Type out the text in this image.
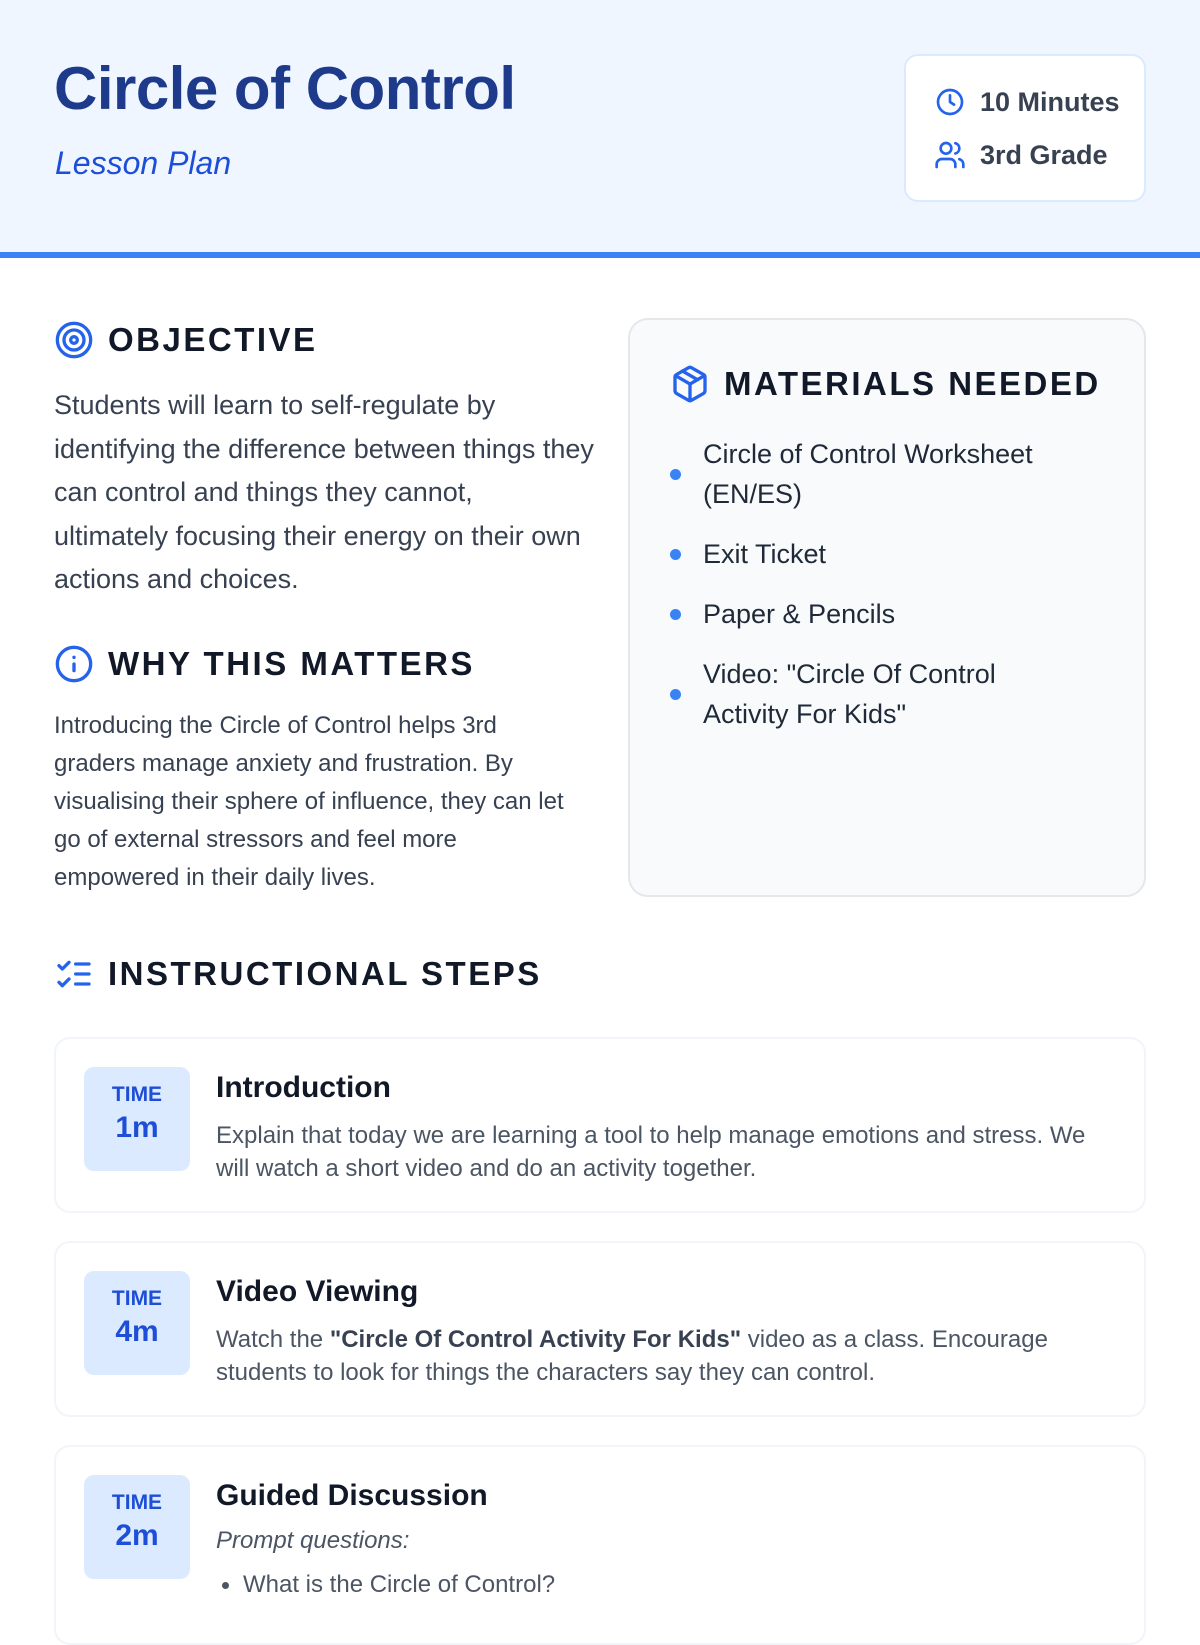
Circle of Control
Lesson Plan
10 Minutes
3rd Grade
OBJECTIVE
Students will learn to self-regulate by identifying the difference between things they can control and things they cannot, ultimately focusing their energy on their own actions and choices.
WHY THIS MATTERS
Introducing the Circle of Control helps 3rd graders manage anxiety and frustration. By visualising their sphere of influence, they can let go of external stressors and feel more empowered in their daily lives.
MATERIALS NEEDED
Circle of Control Worksheet (EN/ES)
Exit Ticket
Paper & Pencils
Video: "Circle Of Control Activity For Kids"
INSTRUCTIONAL STEPS
TIME
1m
Introduction
Explain that today we are learning a tool to help manage emotions and stress. We will watch a short video and do an activity together.
TIME
4m
Video Viewing
Watch the "Circle Of Control Activity For Kids" video as a class. Encourage students to look for things the characters say they can control.
TIME
2m
Guided Discussion
Prompt questions:
What is the Circle of Control?
